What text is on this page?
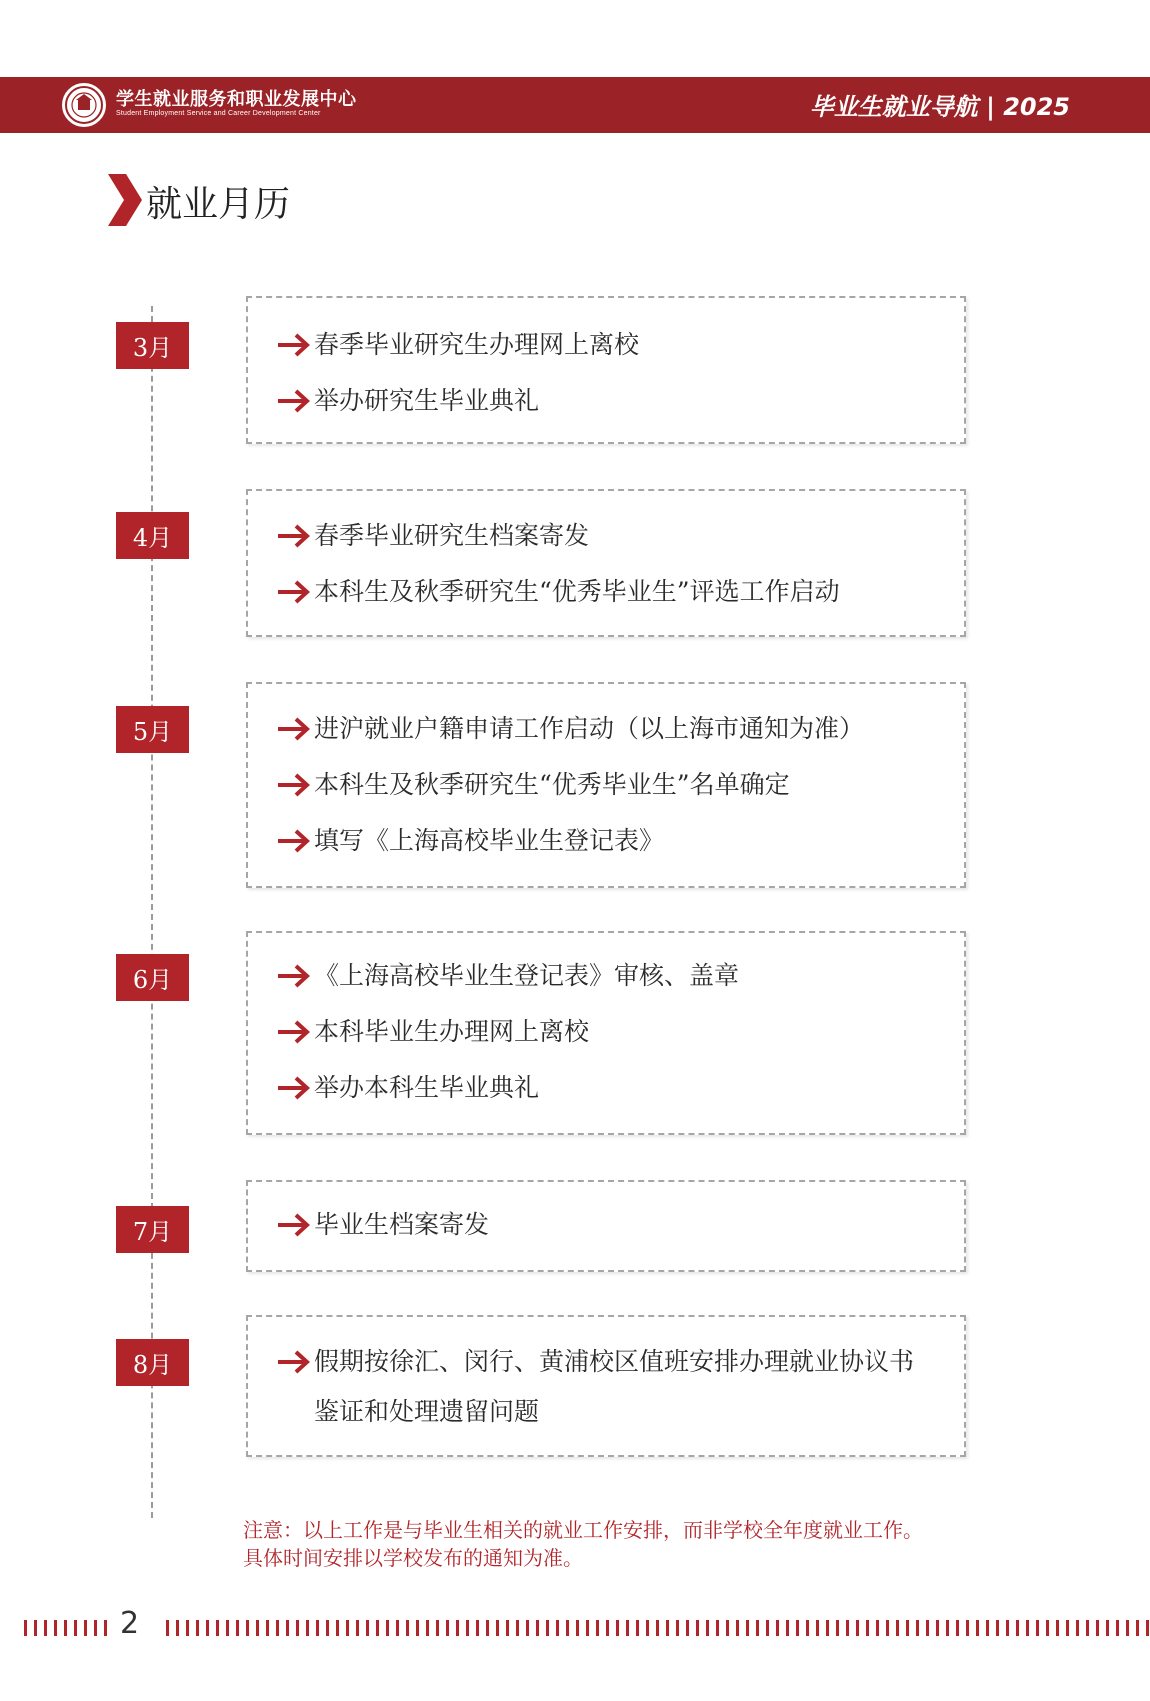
学生就业服务和职业发展中心
Student Employment Service and Career Development Center	毕业生就业导航 | 2025
就业月历
3月	春季毕业研究生办理网上离校
举办研究生毕业典礼
4月	春季毕业研究生档案寄发
本科生及秋季研究生“优秀毕业生”评选工作启动
5月	进沪就业户籍申请工作启动（以上海市通知为准）
本科生及秋季研究生“优秀毕业生”名单确定
填写《上海高校毕业生登记表》
6月	《上海高校毕业生登记表》审核、盖章
本科毕业生办理网上离校
举办本科生毕业典礼
7月	毕业生档案寄发
8月	假期按徐汇、闵行、黄浦校区值班安排办理就业协议书
鉴证和处理遗留问题
注意：以上工作是与毕业生相关的就业工作安排，而非学校全年度就业工作。
具体时间安排以学校发布的通知为准。
2
